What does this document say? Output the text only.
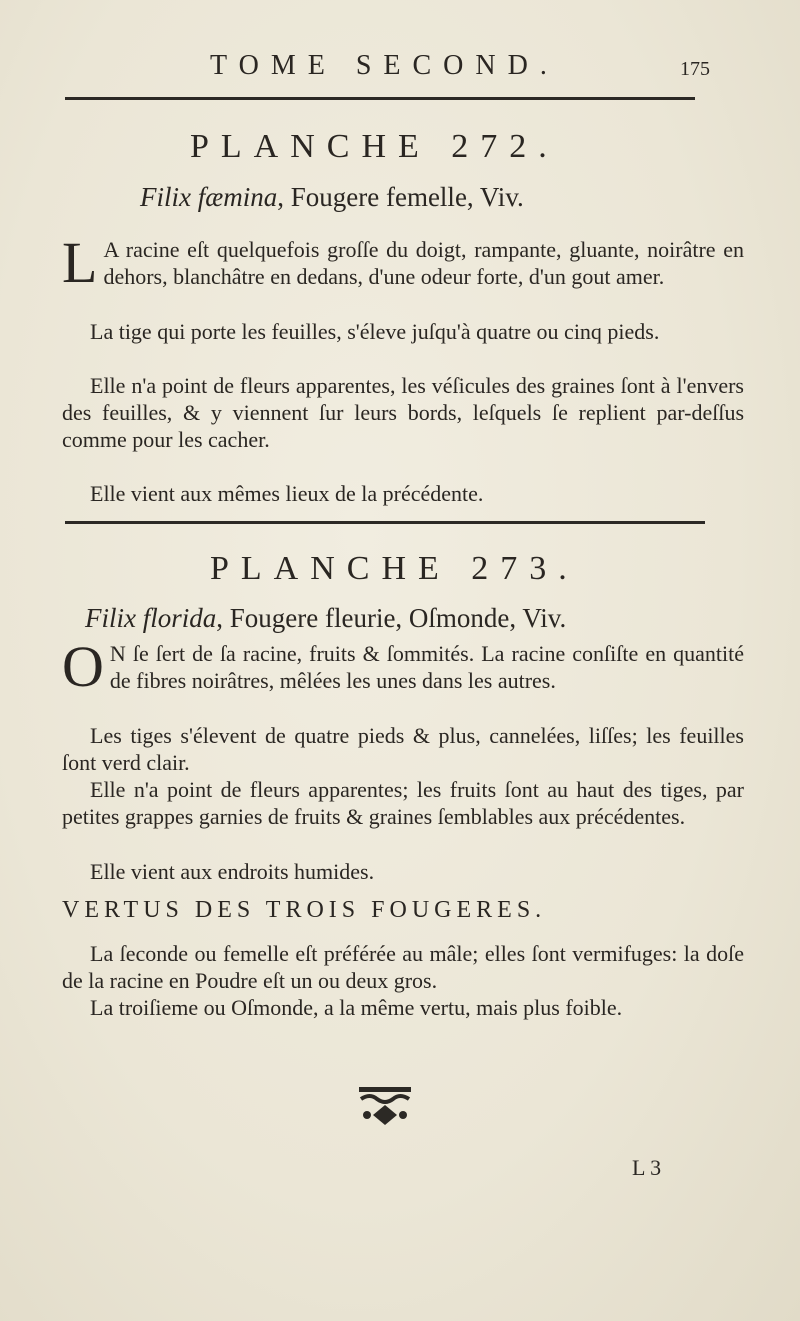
TOME SECOND.	175
PLANCHE 272.
Filix fæmina, Fougere femelle, Viv.
L A racine eſt quelquefois groſſe du doigt, rampante, gluante, noirâtre en dehors, blanchâtre en dedans, d'une odeur forte, d'un gout amer.
La tige qui porte les feuilles, s'éleve juſqu'à quatre ou cinq pieds.
Elle n'a point de fleurs apparentes, les véſicules des graines ſont à l'envers des feuilles, & y viennent ſur leurs bords, leſquels ſe replient par-deſſus comme pour les cacher.
Elle vient aux mêmes lieux de la précédente.
PLANCHE 273.
Filix florida, Fougere fleurie, Oſmonde, Viv.
O N ſe ſert de ſa racine, fruits & ſommités. La racine conſiſte en quantité de fibres noirâtres, mêlées les unes dans les autres.
Les tiges s'élevent de quatre pieds & plus, cannelées, liſſes; les feuilles ſont verd clair.
Elle n'a point de fleurs apparentes; les fruits ſont au haut des tiges, par petites grappes garnies de fruits & graines ſemblables aux précédentes.
Elle vient aux endroits humides.
VERTUS DES TROIS FOUGERES.
La ſeconde ou femelle eſt préférée au mâle; elles ſont vermifuges: la doſe de la racine en Poudre eſt un ou deux gros.
La troiſieme ou Oſmonde, a la même vertu, mais plus foible.
L 3
